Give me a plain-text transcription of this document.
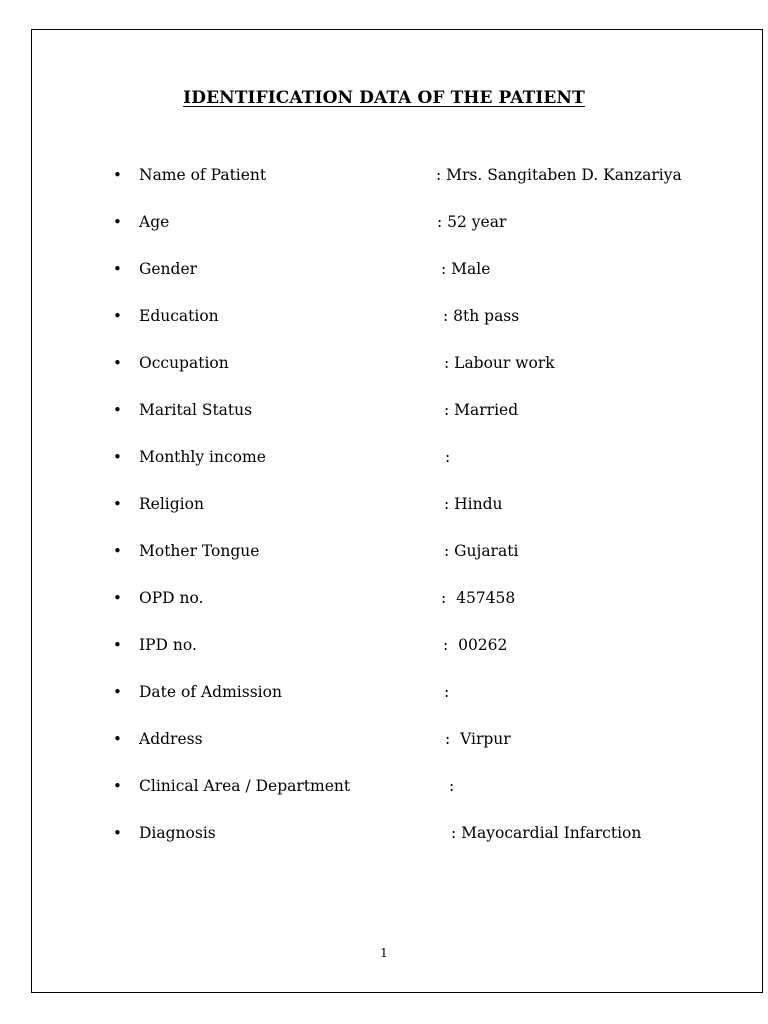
IDENTIFICATION DATA OF THE PATIENT
• Name of Patient	: Mrs. Sangitaben D. Kanzariya
• Age	: 52 year
• Gender	: Male
• Education	: 8th pass
• Occupation	: Labour work
• Marital Status	: Married
• Monthly income	:
• Religion	: Hindu
• Mother Tongue	: Gujarati
• OPD no.	:  457458
• IPD no.	:  00262
• Date of Admission	:
• Address	:  Virpur
• Clinical Area / Department	:
• Diagnosis	: Mayocardial Infarction
1
